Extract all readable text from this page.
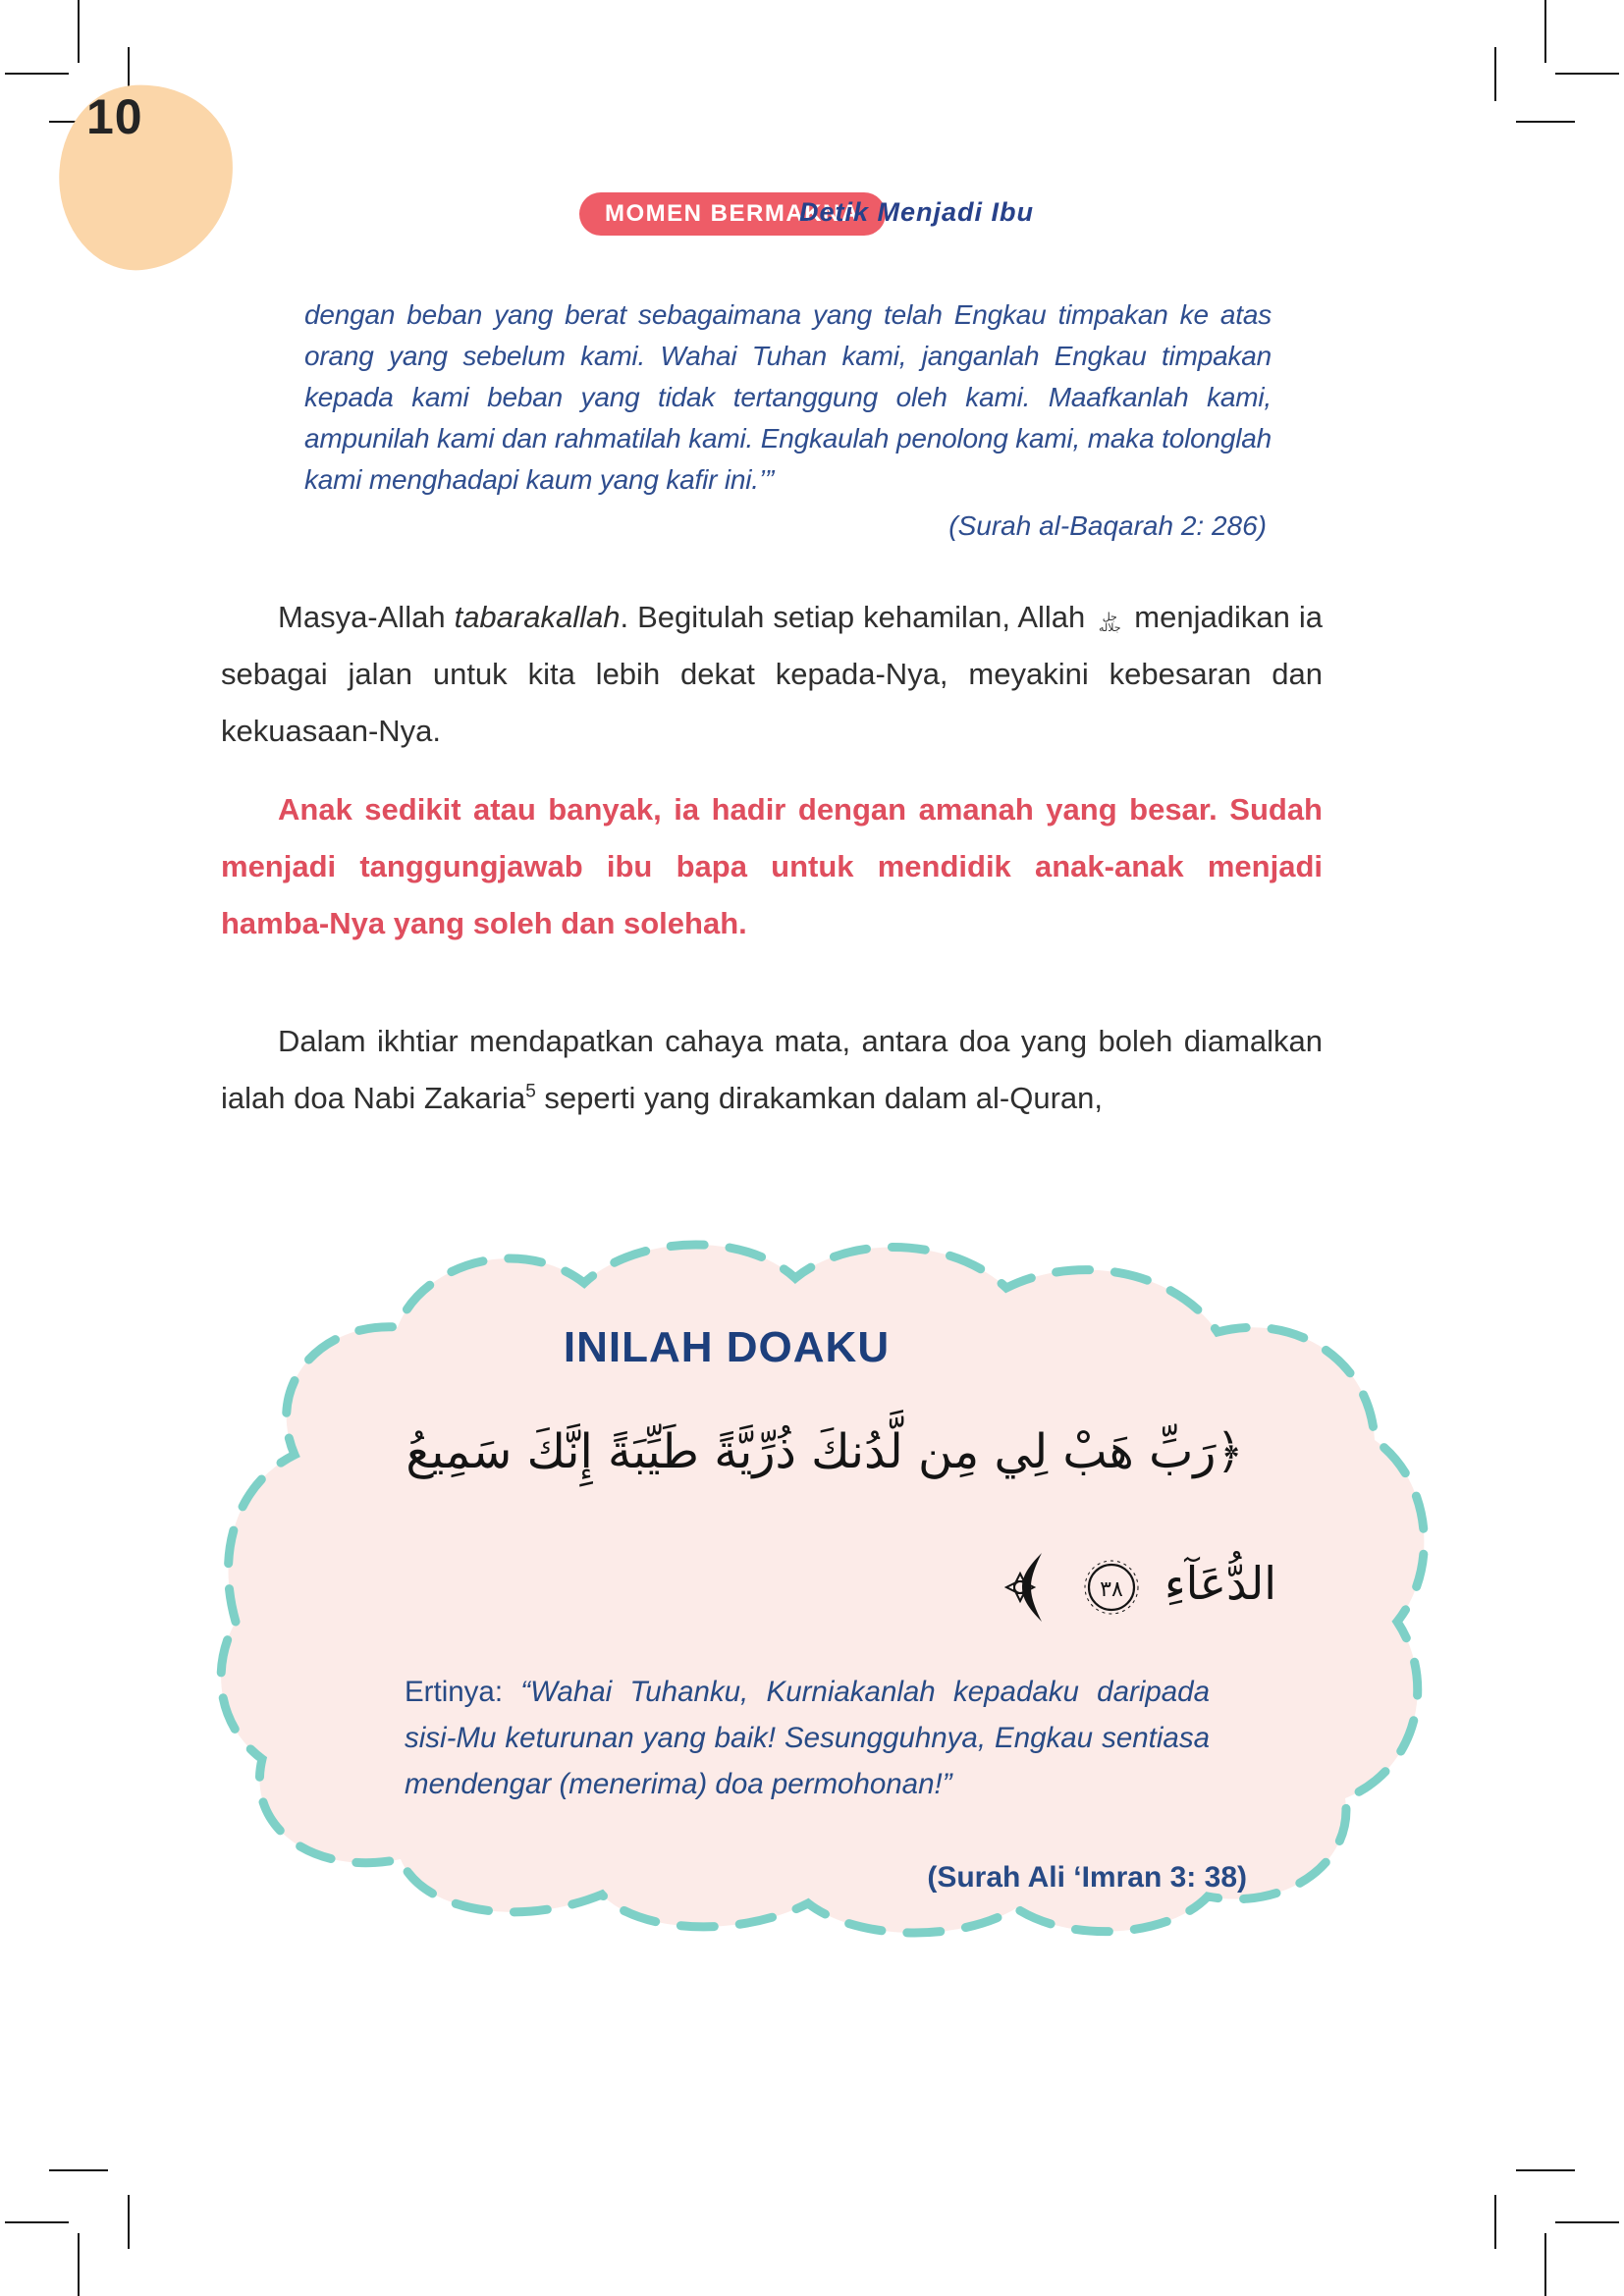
10
MOMEN BERMAKNA
Detik Menjadi Ibu
dengan beban yang berat sebagaimana yang telah Engkau timpakan ke atas orang yang sebelum kami. Wahai Tuhan kami, janganlah Engkau timpakan kepada kami beban yang tidak tertanggung oleh kami. Maafkanlah kami, ampunilah kami dan rahmatilah kami. Engkaulah penolong kami, maka tolonglah kami menghadapi kaum yang kafir ini.’”
(Surah al-Baqarah 2: 286)

Masya-Allah tabarakallah. Begitulah setiap kehamilan, Allah جل جلاله menjadikan ia sebagai jalan untuk kita lebih dekat kepada-Nya, meyakini kebesaran dan kekuasaan-Nya.

Anak sedikit atau banyak, ia hadir dengan amanah yang besar. Sudah menjadi tanggungjawab ibu bapa untuk mendidik anak-anak menjadi hamba-Nya yang soleh dan solehah.

Dalam ikhtiar mendapatkan cahaya mata, antara doa yang boleh diamalkan ialah doa Nabi Zakaria$^5$ seperti yang dirakamkan dalam al-Quran,

INILAH DOAKU
﴿رَبِّ هَبْ لِي مِن لَّدُنكَ ذُرِّيَّةً طَيِّبَةً إِنَّكَ سَمِيعُ
الدُّعَآءِ
٣٨

Ertinya: “Wahai Tuhanku, Kurniakanlah kepadaku daripada sisi-Mu keturunan yang baik! Sesungguhnya, Engkau sentiasa mendengar (menerima) doa permohonan!”
(Surah Ali ‘Imran 3: 38)
